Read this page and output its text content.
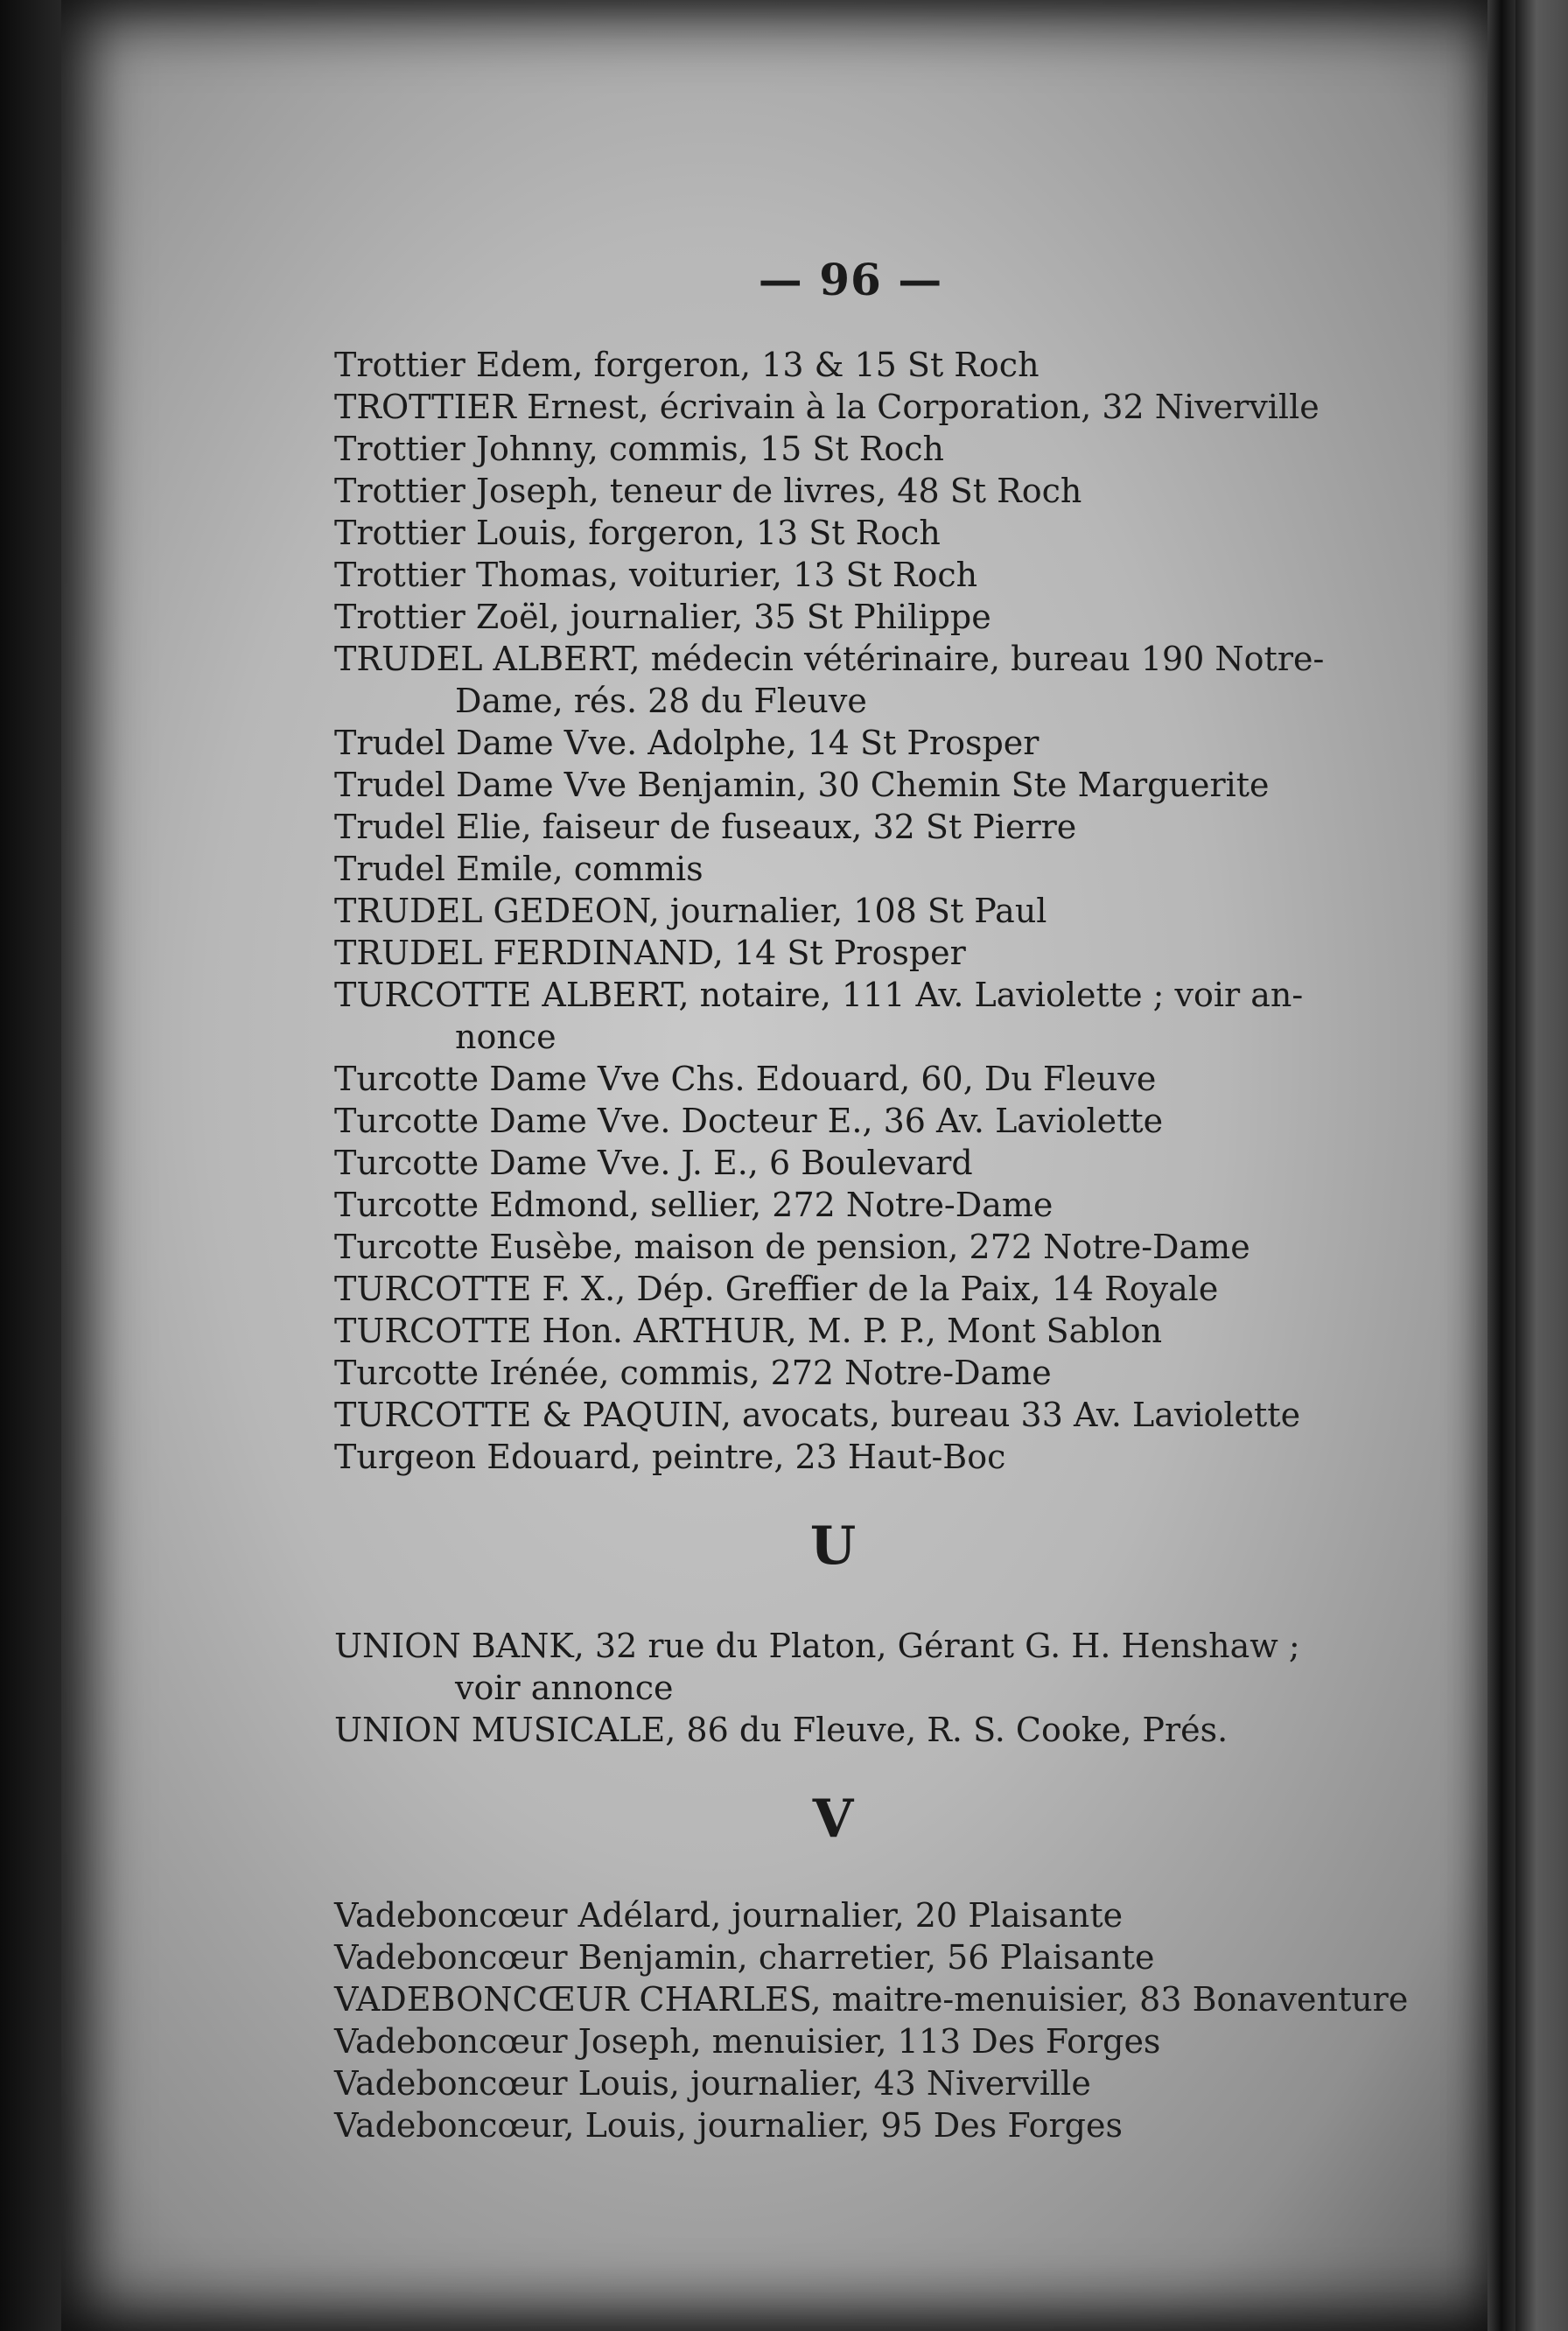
— 96 —
Trottier Edem, forgeron, 13 & 15 St Roch
TROTTIER Ernest, écrivain à la Corporation, 32 Niverville
Trottier Johnny, commis, 15 St Roch
Trottier Joseph, teneur de livres, 48 St Roch
Trottier Louis, forgeron, 13 St Roch
Trottier Thomas, voiturier, 13 St Roch
Trottier Zoël, journalier, 35 St Philippe
TRUDEL ALBERT, médecin vétérinaire, bureau 190 Notre-
Dame, rés. 28 du Fleuve
Trudel Dame Vve. Adolphe, 14 St Prosper
Trudel Dame Vve Benjamin, 30 Chemin Ste Marguerite
Trudel Elie, faiseur de fuseaux, 32 St Pierre
Trudel Emile, commis
TRUDEL GEDEON, journalier, 108 St Paul
TRUDEL FERDINAND, 14 St Prosper
TURCOTTE ALBERT, notaire, 111 Av. Laviolette ; voir an-
nonce
Turcotte Dame Vve Chs. Edouard, 60, Du Fleuve
Turcotte Dame Vve. Docteur E., 36 Av. Laviolette
Turcotte Dame Vve. J. E., 6 Boulevard
Turcotte Edmond, sellier, 272 Notre-Dame
Turcotte Eusèbe, maison de pension, 272 Notre-Dame
TURCOTTE F. X., Dép. Greffier de la Paix, 14 Royale
TURCOTTE Hon. ARTHUR, M. P. P., Mont Sablon
Turcotte Irénée, commis, 272 Notre-Dame
TURCOTTE & PAQUIN, avocats, bureau 33 Av. Laviolette
Turgeon Edouard, peintre, 23 Haut-Boc
U
UNION BANK, 32 rue du Platon, Gérant G. H. Henshaw ;
voir annonce
UNION MUSICALE, 86 du Fleuve, R. S. Cooke, Prés.
V
Vadeboncœur Adélard, journalier, 20 Plaisante
Vadeboncœur Benjamin, charretier, 56 Plaisante
VADEBONCŒUR CHARLES, maitre-menuisier, 83 Bonaventure
Vadeboncœur Joseph, menuisier, 113 Des Forges
Vadeboncœur Louis, journalier, 43 Niverville
Vadeboncœur, Louis, journalier, 95 Des Forges
